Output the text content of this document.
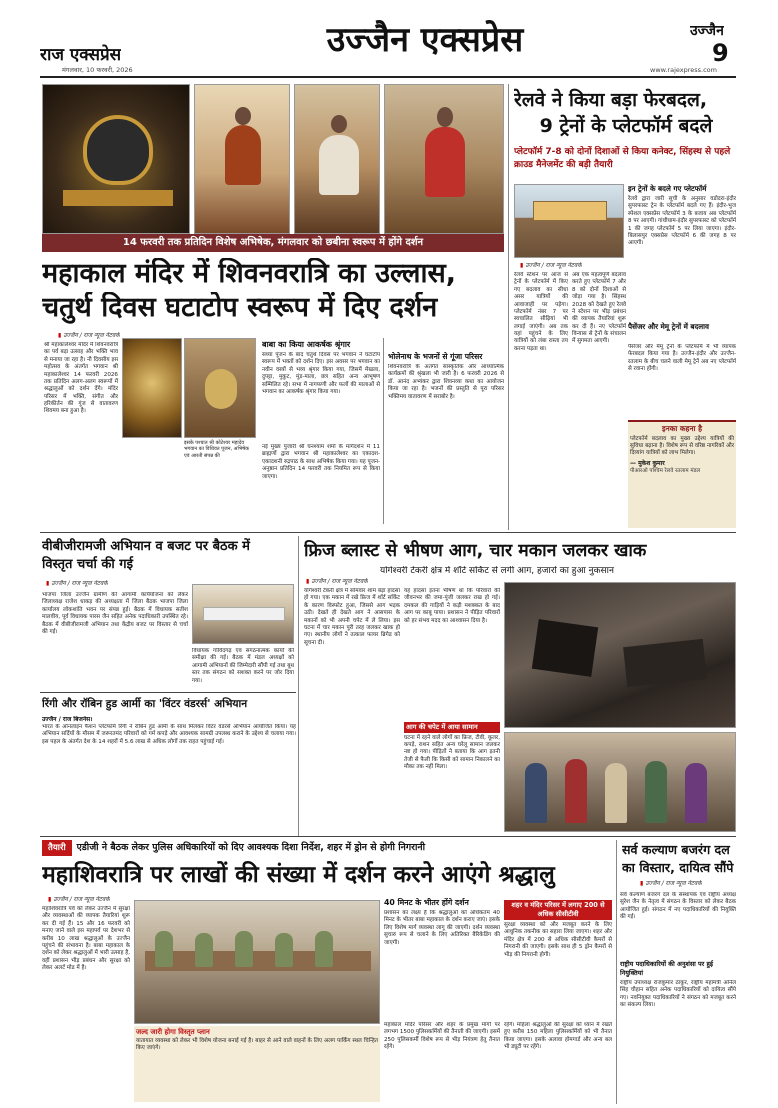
राज एक्सप्रेस
मंगलवार, 10 फरवरी, 2026
उज्जैन एक्सप्रेस	उज्जैन
9
www.rajexpress.com
14 फरवरी तक प्रतिदिन विशेष अभिषेक, मंगलवार को छबीना स्वरूप में होंगे दर्शन
महाकाल मंदिर में शिवनवरात्रि का उल्लास,
चतुर्थ दिवस घटाटोप स्वरूप में दिए दर्शन
▮ उज्जैन / राज न्यूज नेटवर्क
श्री महाकालेश्वर मंदिर में शिवनवरात्रि का पर्व बड़ा उत्साह और भक्ति भाव से मनाया जा रहा है। नौ दिवसीय इस महोत्सव के अंतर्गत भगवान श्री महाकालेश्वर 14 फरवरी 2026 तक प्रतिदिन अलग-अलग स्वरूपों में श्रद्धालुओं को दर्शन देंगे। मंदिर परिसर में भक्ति, संगीत और हरिकीर्तन की गूंज से वातावरण शिवमय बना हुआ है।
इसके पश्चात श्री कोटेश्वर महादेव भगवान का विधिवत पूजन, अभिषेक एवं आरती संपन्न की
बाबा का किया आकर्षक श्रृंगार
संध्या पूजन के बाद चतुर्थ दिवस पर भगवान ने घटाटोप स्वरूप में भक्तों को दर्शन दिए। इस अवसर पर भगवान का नवीन वस्त्रों से भव्य श्रृंगार किया गया, जिसमें मेखला, दुपट्टा, मुकुट, मुंड-माला, छत्र सहित अन्य आभूषण सम्मिलित रहे। सभा में नागफणी और फलों की मालाओं से भगवान का आकर्षक श्रृंगार किया गया।
नई मुख्य पुजारी श्री घनश्याम शर्मा के मार्गदर्शन में 11 ब्राह्मणों द्वारा भगवान श्री महाकालेश्वर का एकादश-एकादशनी रुद्रपाठ के साथ अभिषेक किया गया। यह पूजन-अनुष्ठान प्रतिदिन 14 फरवरी तक नियमित रूप से किया जाएगा।
भोलेनाथ के भजनों से गूंजा परिसर
शिवनवरात्रि के अंतर्गत सांस्कृतिक और आध्यात्मिक कार्यक्रमों की श्रृंखला भी जारी है। 6 फरवरी 2026 से डॉ. आनंद अभ्यंकर द्वारा शिवनव्या कथा का आयोजन किया जा रहा है। भजनों की प्रस्तुति से पूरा परिसर भक्तिमय वातावरण में सराबोर है।
रेलवे ने किया बड़ा फेरबदल,
9 ट्रेनों के प्लेटफॉर्म बदले
प्लेटफॉर्म 7-8 को दोनों दिशाओं से किया कनेक्ट, सिंहस्थ से पहले क्राउड मैनेजमेंट की बड़ी तैयारी
इन ट्रेनों के बदले गए प्लेटफॉर्म
रेलवे द्वारा जारी सूची के अनुसार वडोदरा-इंदौर सुपरफास्ट ट्रेन के प्लेटफॉर्म बदले गए हैं। इंदौर-भुज स्पेशल एक्सप्रेस प्लेटफॉर्म 3 के बजाय अब प्लेटफॉर्म 8 पर आएगी। गांधीधाम-इंदौर सुपरफास्ट को प्लेटफॉर्म 1 की जगह प्लेटफॉर्म 5 पर लिया जाएगा। इंदौर-बिलासपुर एक्सप्रेस प्लेटफॉर्म 6 की जगह 8 पर आएगी।
▮ उज्जैन / राज न्यूज नेटवर्क
रेलवे स्टेशन पर आज से ट्रेनों के प्लेटफॉर्म में किए गए बदलाव का सीधा असर यात्रियों की आवाजाही पर पड़ेगा। प्लेटफॉर्म नंबर 7 पर स्वचालित सीढ़ियां भी लगाई जाएंगी। अब तक यहां पहुंचने के लिए यात्रियों को लंबा रास्ता तय करना पड़ता था।
अब एक महत्वपूर्ण बदलाव करते हुए प्लेटफॉर्म 7 और 8 को दोनों दिशाओं से जोड़ा गया है। सिंहस्थ 2028 को देखते हुए रेलवे ने स्टेशन पर भीड़ प्रबंधन की व्यापक तैयारियां शुरू कर दी हैं। नए प्लेटफॉर्म विन्यास से ट्रेनों के संचालन में सुगमता आएगी।
पैसेंजर और मेमू ट्रेनों में बदलाव
पैसेंजर और मेमू ट्रेनों के प्लेटफॉर्म में भी व्यापक फेरबदल किया गया है। उज्जैन-इंदौर और उज्जैन-रतलाम के बीच चलने वाली मेमू ट्रेनें अब नए प्लेटफॉर्म से रवाना होंगी।
इनका कहना है
प्लेटफॉर्म बदलाव का मुख्य उद्देश्य यात्रियों की सुविधा बढ़ाना है। विशेष रूप से वरिष्ठ नागरिकों और दिव्यांग यात्रियों को लाभ मिलेगा।
— मुकेश कुमार
पीआरओ पश्चिम रेलवे रतलाम मंडल
वीबीजीरामजी अभियान व बजट पर बैठक में
विस्तृत चर्चा की गई
▮ उज्जैन / राज न्यूज नेटवर्क
भाजपा जिला उज्जैन ग्रामीण की आगामी कार्ययोजना को लेकर जिलाध्यक्ष राजेश धाकड़ की अध्यक्षता में जिला बैठक भाजपा जिला कार्यालय लोकशांति भवन पर संपन्न हुई। बैठक में विधायक सतीश मालवीय, पूर्व विधायक पारस जैन सहित अनेक पदाधिकारी उपस्थित रहे। बैठक में वीबीजीरामजी अभियान तथा केंद्रीय बजट पर विस्तार से चर्चा की गई।
विधायक गोविंदगढ़ एवं संगठनात्मक कार्यों की समीक्षा की गई। बैठक में मंडल अध्यक्षों को आगामी अभियानों की जिम्मेदारी सौंपी गई तथा बूथ स्तर तक संगठन को सशक्त करने पर जोर दिया गया।
रिंगी और रॉबिन हुड आर्मी का 'विंटर वंडरर्स' अभियान
उज्जैन / राज बिजनेस।
भारत के ऑनलाइन फैशन प्लेटफॉर्म रिंगी ने रॉबिन हुड आर्मी के साथ मिलकर विंटर वंडरर्स अभियान आयोजित किया। यह अभियान सर्दियों के मौसम में जरूरतमंद परिवारों को गर्म कपड़े और आवश्यक सामग्री उपलब्ध कराने के उद्देश्य से चलाया गया। इस पहल के अंतर्गत देश के 14 शहरों में 5.6 लाख से अधिक लोगों तक राहत पहुंचाई गई।
फ्रिज ब्लास्ट से भीषण आग, चार मकान जलकर खाक
योगेश्वरी टेकरी क्षेत्र में शॉर्ट सर्किट से लगी आग, हजारों का हुआ नुकसान
▮ उज्जैन / राज न्यूज नेटवर्क
योगेश्वरी टेकरी क्षेत्र में सोमवार शाम बड़ा हादसा हो गया। एक मकान में रखे फ्रिज में शॉर्ट सर्किट के कारण विस्फोट हुआ, जिससे आग भड़क उठी। देखते ही देखते आग ने आसपास के मकानों को भी अपनी चपेट में ले लिया। इस घटना में चार मकान पूरी तरह जलकर खाक हो गए। स्थानीय लोगों ने तत्काल फायर ब्रिगेड को सूचना दी।
यह हादसा इतना भीषण था कि परिवारों की जीवनभर की जमा-पूंजी जलकर राख हो गई। दमकल की गाड़ियों ने कड़ी मशक्कत के बाद आग पर काबू पाया। प्रशासन ने पीड़ित परिवारों को हर संभव मदद का आश्वासन दिया है।
आग की चपेट में आया सामान
घटना में रहने वाले लोगों का फ्रिज, टीवी, कूलर, कपड़े, राशन सहित अन्य घरेलू सामान जलकर नष्ट हो गया। पीड़ितों ने बताया कि आग इतनी तेजी से फैली कि किसी को सामान निकालने का मौका तक नहीं मिला।
तैयारी एडीजी ने बैठक लेकर पुलिस अधिकारियों को दिए आवश्यक दिशा निर्देश, शहर में ड्रोन से होगी निगरानी
महाशिवरात्रि पर लाखों की संख्या में दर्शन करने आएंगे श्रद्धालु
▮ उज्जैन / राज न्यूज नेटवर्क
महाशिवरात्रि पर्व को लेकर उज्जैन में सुरक्षा और व्यवस्थाओं की व्यापक तैयारियां शुरू कर दी गई हैं। 15 और 16 फरवरी को मनाए जाने वाले इस महापर्व पर देशभर से करीब 10 लाख श्रद्धालुओं के उज्जैन पहुंचने की संभावना है। बाबा महाकाल के दर्शन को लेकर श्रद्धालुओं में भारी उत्साह है, वहीं प्रशासन भीड़ प्रबंधन और सुरक्षा को लेकर अलर्ट मोड में है।
जल्द जारी होगा विस्तृत प्लान
यातायात व्यवस्था को लेकर भी विशेष योजना बनाई गई है। बाहर से आने वाले वाहनों के लिए अलग पार्किंग स्थल चिन्हित किए जाएंगे।
40 मिनट के भीतर होंगे दर्शन
प्रशासन का लक्ष्य है कि श्रद्धालुओं को अधिकतम 40 मिनट के भीतर बाबा महाकाल के दर्शन कराए जाएं। इसके लिए विशेष मार्ग व्यवस्था लागू की जाएगी। दर्शन व्यवस्था सुचारु रूप से चलाने के लिए अतिरिक्त बैरिकेडिंग की जाएगी।
शहर व मंदिर परिसर में लगाए 200 से अधिक सीसीटीवी
सुरक्षा व्यवस्था को और मजबूत करने के लिए आधुनिक तकनीक का सहारा लिया जाएगा। शहर और मंदिर क्षेत्र में 200 से अधिक सीसीटीवी कैमरों से निगरानी की जाएगी। इसके साथ ही 5 ड्रोन कैमरों से भीड़ की निगरानी होगी।
महाकाल मंदिर परिसर और शहर के प्रमुख मार्गों पर लगभग 1500 पुलिसकर्मियों की तैनाती की जाएगी। इसमें 250 पुलिसकर्मी विशेष रूप से भीड़ नियंत्रण हेतु तैनात रहेंगे।
रहेंगे। महिला श्रद्धालुओं की सुरक्षा को ध्यान में रखते हुए करीब 150 महिला पुलिसकर्मियों को भी तैनात किया जाएगा। इसके अलावा होमगार्ड और अन्य बल भी ड्यूटी पर रहेंगे।
सर्व कल्याण बजरंग दल
का विस्तार, दायित्व सौंपे
▮ उज्जैन / राज न्यूज नेटवर्क
सर्व कल्याण बजरंग दल के संस्थापक एवं राष्ट्रीय अध्यक्ष सुरेश जैन के नेतृत्व में संगठन के विस्तार को लेकर बैठक आयोजित हुई। संगठन में नए पदाधिकारियों की नियुक्ति की गई।
राष्ट्रीय पदाधिकारियों की अनुशंसा पर हुई नियुक्तियां
राष्ट्रीय उपाध्यक्ष राजकुमार ठाकुर, राष्ट्रीय महामंत्री अनिल सिंह चौहान सहित अनेक पदाधिकारियों को दायित्व सौंपे गए। नवनियुक्त पदाधिकारियों ने संगठन को मजबूत करने का संकल्प लिया।
